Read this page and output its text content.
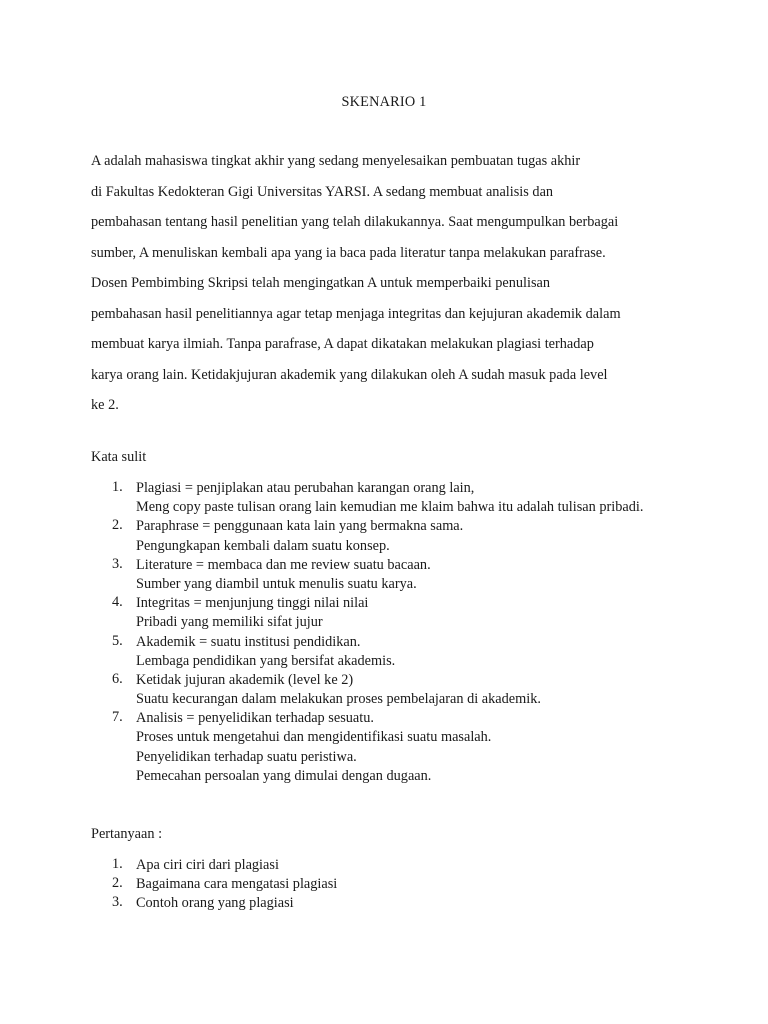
SKENARIO 1
A adalah mahasiswa tingkat akhir yang sedang menyelesaikan pembuatan tugas akhir
di Fakultas Kedokteran Gigi Universitas YARSI. A sedang membuat analisis dan
pembahasan tentang hasil penelitian yang telah dilakukannya. Saat mengumpulkan berbagai
sumber, A menuliskan kembali apa yang ia baca pada literatur tanpa melakukan parafrase.
Dosen Pembimbing Skripsi telah mengingatkan A untuk memperbaiki penulisan
pembahasan hasil penelitiannya agar tetap menjaga integritas dan kejujuran akademik dalam
membuat karya ilmiah. Tanpa parafrase, A dapat dikatakan melakukan plagiasi terhadap
karya orang lain. Ketidakjujuran akademik yang dilakukan oleh A sudah masuk pada level
ke 2.
Kata sulit
1. Plagiasi = penjiplakan atau perubahan karangan orang lain,
Meng copy paste tulisan orang lain kemudian me klaim bahwa itu adalah tulisan pribadi.
2. Paraphrase = penggunaan kata lain yang bermakna sama.
Pengungkapan kembali dalam suatu konsep.
3. Literature = membaca dan me review suatu bacaan.
Sumber yang diambil untuk menulis suatu karya.
4. Integritas = menjunjung tinggi nilai nilai
Pribadi yang memiliki sifat jujur
5. Akademik = suatu institusi pendidikan.
Lembaga pendidikan yang bersifat akademis.
6. Ketidak jujuran akademik (level ke 2)
Suatu kecurangan dalam melakukan proses pembelajaran di akademik.
7. Analisis = penyelidikan terhadap sesuatu.
Proses untuk mengetahui dan mengidentifikasi suatu masalah.
Penyelidikan terhadap suatu peristiwa.
Pemecahan persoalan yang dimulai dengan dugaan.
Pertanyaan :
1. Apa ciri ciri dari plagiasi
2. Bagaimana cara mengatasi plagiasi
3. Contoh orang yang plagiasi
